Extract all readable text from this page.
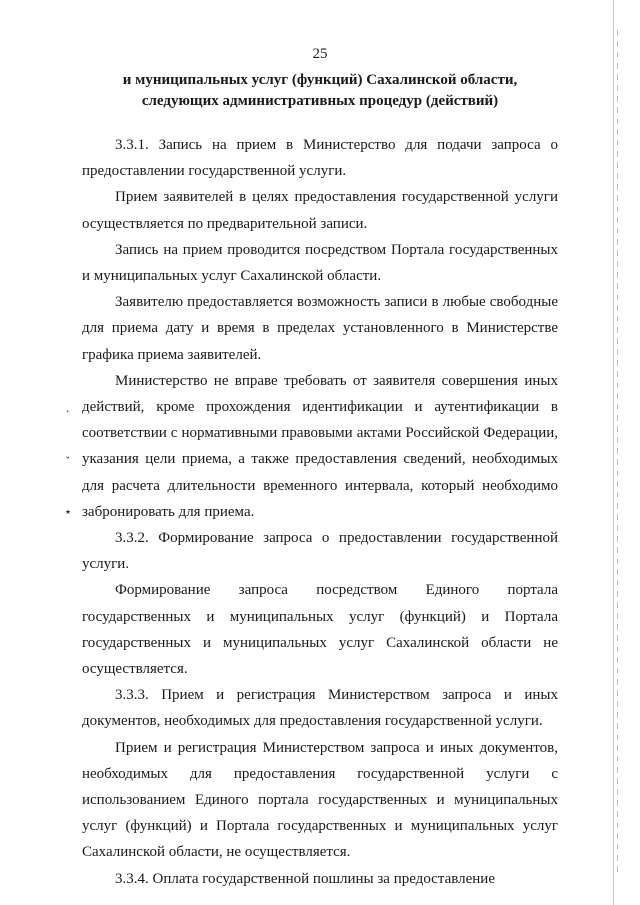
25
и муниципальных услуг (функций) Сахалинской области,
следующих административных процедур (действий)

3.3.1. Запись на прием в Министерство для подачи запроса о предоставлении государственной услуги.

Прием заявителей в целях предоставления государственной услуги осуществляется по предварительной записи.

Запись на прием проводится посредством Портала государственных и муниципальных услуг Сахалинской области.

Заявителю предоставляется возможность записи в любые свободные для приема дату и время в пределах установленного в Министерстве графика приема заявителей.

Министерство не вправе требовать от заявителя совершения иных действий, кроме прохождения идентификации и аутентификации в соответствии с нормативными правовыми актами Российской Федерации, указания цели приема, а также предоставления сведений, необходимых для расчета длительности временного интервала, который необходимо забронировать для приема.

3.3.2. Формирование запроса о предоставлении государственной услуги.

Формирование запроса посредством Единого портала государственных и муниципальных услуг (функций) и Портала государственных и муниципальных услуг Сахалинской области не осуществляется.

3.3.3. Прием и регистрация Министерством запроса и иных документов, необходимых для предоставления государственной услуги.

Прием и регистрация Министерством запроса и иных документов, необходимых для предоставления государственной услуги с использованием Единого портала государственных и муниципальных услуг (функций) и Портала государственных и муниципальных услуг Сахалинской области, не осуществляется.

3.3.4. Оплата государственной пошлины за предоставление

˛
ˇ
٭
